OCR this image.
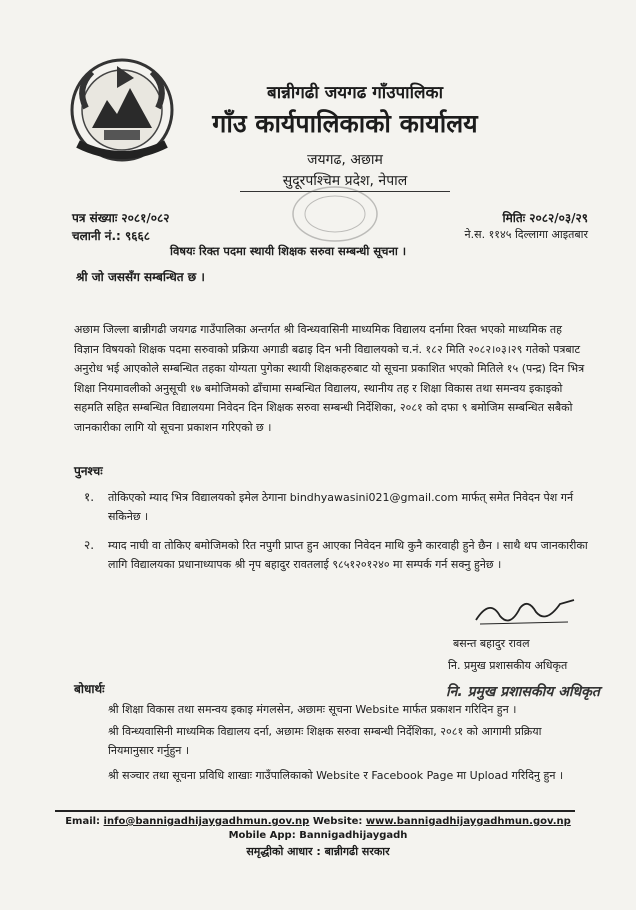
बान्नीगढी जयगढ गाँउपालिका
गाँउ कार्यपालिकाको कार्यालय
जयगढ, अछाम
सुदूरपश्चिम प्रदेश, नेपाल
पत्र संख्याः २०८१/०८२
चलानी नं.: ९६६८
मितिः २०८२/०३/२९
ने.स. ११४५ दिल्लागा आइतबार
विषयः रिक्त पदमा स्थायी शिक्षक सरुवा सम्बन्धी सूचना ।
श्री जो जससँग सम्बन्धित छ ।
अछाम जिल्ला बान्नीगढी जयगढ गाउँपालिका अन्तर्गत श्री विन्ध्यवासिनी माध्यमिक विद्यालय दर्नामा रिक्त भएको माध्यमिक तह विज्ञान विषयको शिक्षक पदमा सरुवाको प्रक्रिया अगाडी बढाइ दिन भनी विद्यालयको च.नं. १८२ मिति २०८२।०३।२९ गतेको पत्रबाट अनुरोध भई आएकोले सम्बन्धित तहका योग्यता पुगेका स्थायी शिक्षकहरुबाट यो सूचना प्रकाशित भएको मितिले १५ (पन्द्र) दिन भित्र शिक्षा नियमावलीको अनुसूची १७ बमोजिमको ढाँचामा सम्बन्धित विद्यालय, स्थानीय तह र शिक्षा विकास तथा समन्वय इकाइको सहमति सहित सम्बन्धित विद्यालयमा निवेदन दिन शिक्षक सरुवा सम्बन्धी निर्देशिका, २०८१ को दफा ९ बमोजिम सम्बन्धित सबैको जानकारीका लागि यो सूचना प्रकाशन गरिएको छ ।
पुनश्चः
१. तोकिएको म्याद भित्र विद्यालयको इमेल ठेगाना bindhyawasini021@gmail.com मार्फत् समेत निवेदन पेश गर्न सकिनेछ ।
२. म्याद नाघी वा तोकिए बमोजिमको रित नपुगी प्राप्त हुन आएका निवेदन माथि कुनै कारवाही हुने छैन । साथै थप जानकारीका लागि विद्यालयका प्रधानाध्यापक श्री नृप बहादुर रावतलाई ९८५१२०१२४० मा सम्पर्क गर्न सक्नु हुनेछ ।
बसन्त बहादुर रावल
नि. प्रमुख प्रशासकीय अधिकृत
नि. प्रमुख प्रशासकीय अधिकृत
बोधार्थः
श्री शिक्षा विकास तथा समन्वय इकाइ मंगलसेन, अछामः सूचना Website मार्फत प्रकाशन गरिदिन हुन ।
श्री विन्ध्यवासिनी माध्यमिक विद्यालय दर्ना, अछामः शिक्षक सरुवा सम्बन्धी निर्देशिका, २०८१ को आगामी प्रक्रिया नियमानुसार गर्नुहुन ।
श्री सञ्चार तथा सूचना प्रविधि शाखाः गाउँपालिकाको Website र Facebook Page मा Upload गरिदिनु हुन ।
Email: info@bannigadhijaygadhmun.gov.np Website: www.bannigadhijaygadhmun.gov.np
Mobile App: Bannigadhijaygadh
समृद्धीको आधार : बान्नीगढी सरकार
